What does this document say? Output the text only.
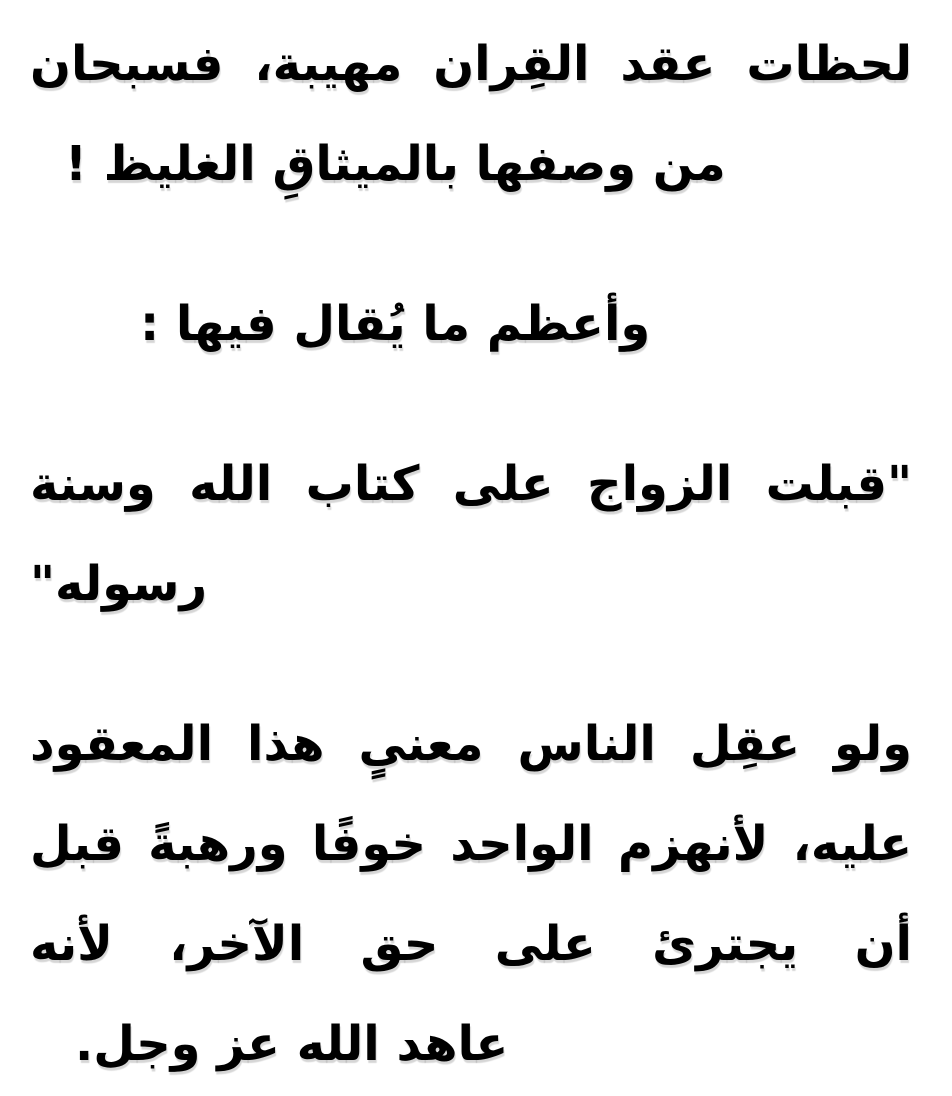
لحظات عقد القِران مهيبة، فسبحان
من وصفها بالميثاقِ الغليظ !
وأعظم ما يُقال فيها :
"قبلت الزواج على كتاب الله وسنة
رسوله"
ولو عقِل الناس معنىٍ هذا المعقود
عليه، لأنهزم الواحد خوفًا ورهبةً قبل
أن يجترئ على حق الآخر، لأنه
عاهد الله عز وجل.
